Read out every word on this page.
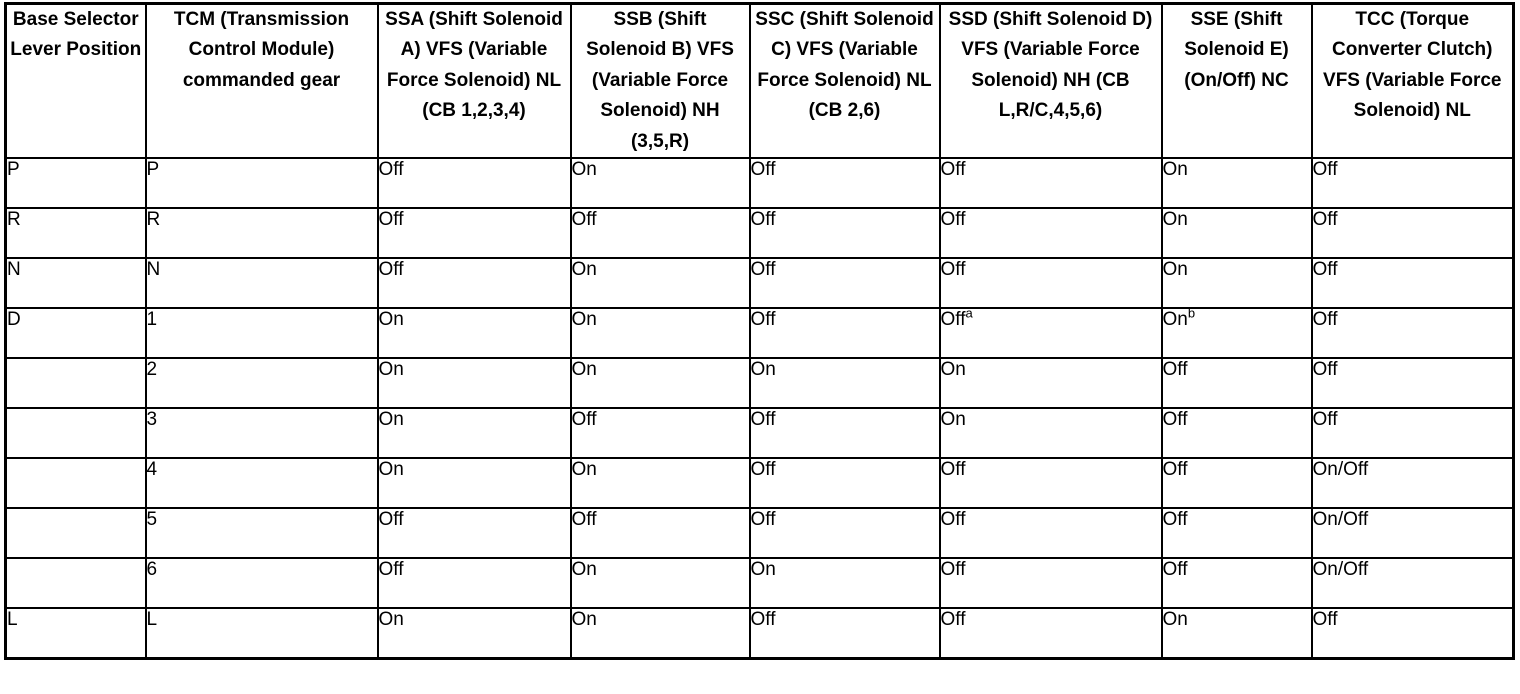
Base Selector Lever Position	TCM (Transmission Control Module) commanded gear	SSA (Shift Solenoid A) VFS (Variable Force Solenoid) NL (CB 1,2,3,4)	SSB (Shift Solenoid B) VFS (Variable Force Solenoid) NH (3,5,R)	SSC (Shift Solenoid C) VFS (Variable Force Solenoid) NL (CB 2,6)	SSD (Shift Solenoid D) VFS (Variable Force Solenoid) NH (CB L,R/C,4,5,6)	SSE (Shift Solenoid E) (On/Off) NC	TCC (Torque Converter Clutch) VFS (Variable Force Solenoid) NL
P	P	Off	On	Off	Off	On	Off
R	R	Off	Off	Off	Off	On	Off
N	N	Off	On	Off	Off	On	Off
D	1	On	On	Off	Off$^a$	On$^b$	Off
	2	On	On	On	On	Off	Off
	3	On	Off	Off	On	Off	Off
	4	On	On	Off	Off	Off	On/Off
	5	Off	Off	Off	Off	Off	On/Off
	6	Off	On	On	Off	Off	On/Off
L	L	On	On	Off	Off	On	Off
